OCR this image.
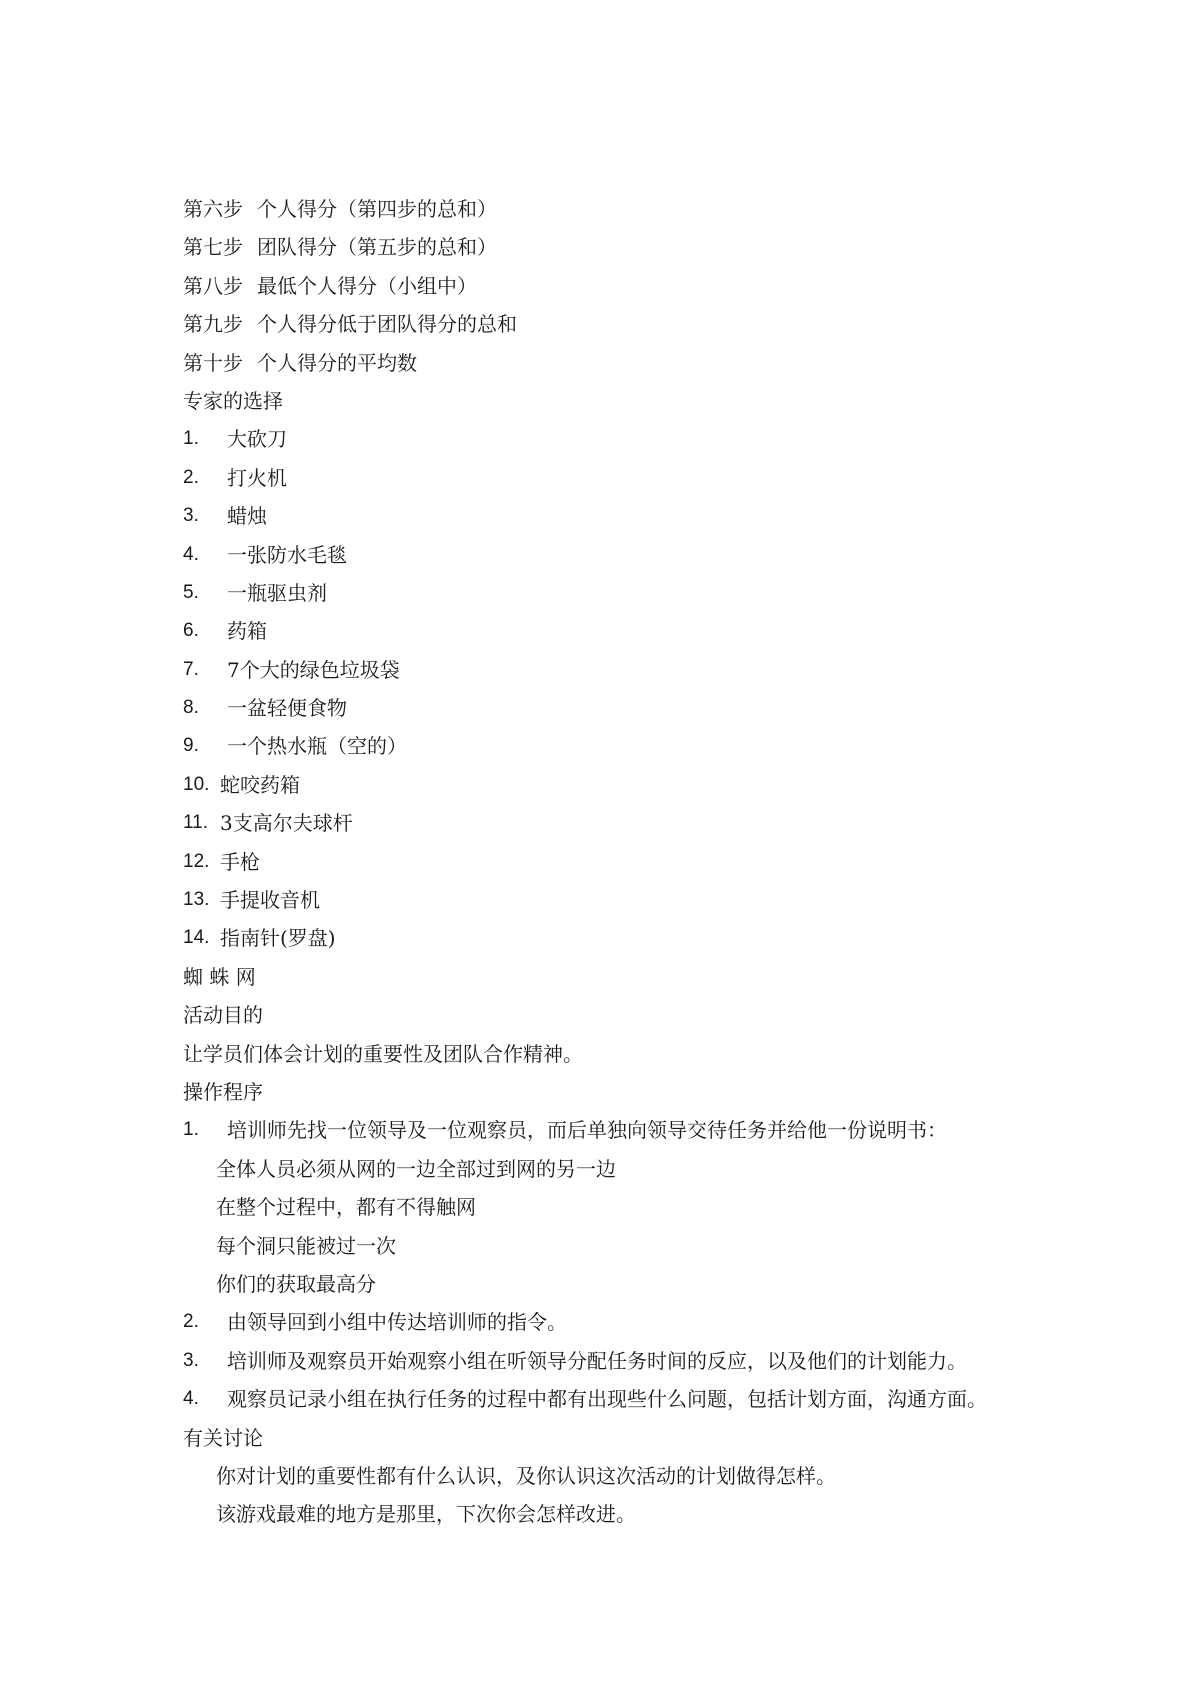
第六步 个人得分（第四步的总和）
第七步 团队得分（第五步的总和）
第八步 最低个人得分（小组中）
第九步 个人得分低于团队得分的总和
第十步 个人得分的平均数
专家的选择
1.	大砍刀
2.	打火机
3.	蜡烛
4.	一张防水毛毯
5.	一瓶驱虫剂
6.	药箱
7.	7个大的绿色垃圾袋
8.	一盆轻便食物
9.	一个热水瓶（空的）
10. 蛇咬药箱
11. 3支高尔夫球杆
12. 手枪
13. 手提收音机
14. 指南针(罗盘)
蜘 蛛 网
活动目的
让学员们体会计划的重要性及团队合作精神。
操作程序
1.	培训师先找一位领导及一位观察员，而后单独向领导交待任务并给他一份说明书：
全体人员必须从网的一边全部过到网的另一边
在整个过程中，都有不得触网
每个洞只能被过一次
你们的获取最高分
2.	由领导回到小组中传达培训师的指令。
3.	培训师及观察员开始观察小组在听领导分配任务时间的反应，以及他们的计划能力。
4.	观察员记录小组在执行任务的过程中都有出现些什么问题，包括计划方面，沟通方面。
有关讨论
你对计划的重要性都有什么认识，及你认识这次活动的计划做得怎样。
该游戏最难的地方是那里，下次你会怎样改进。
